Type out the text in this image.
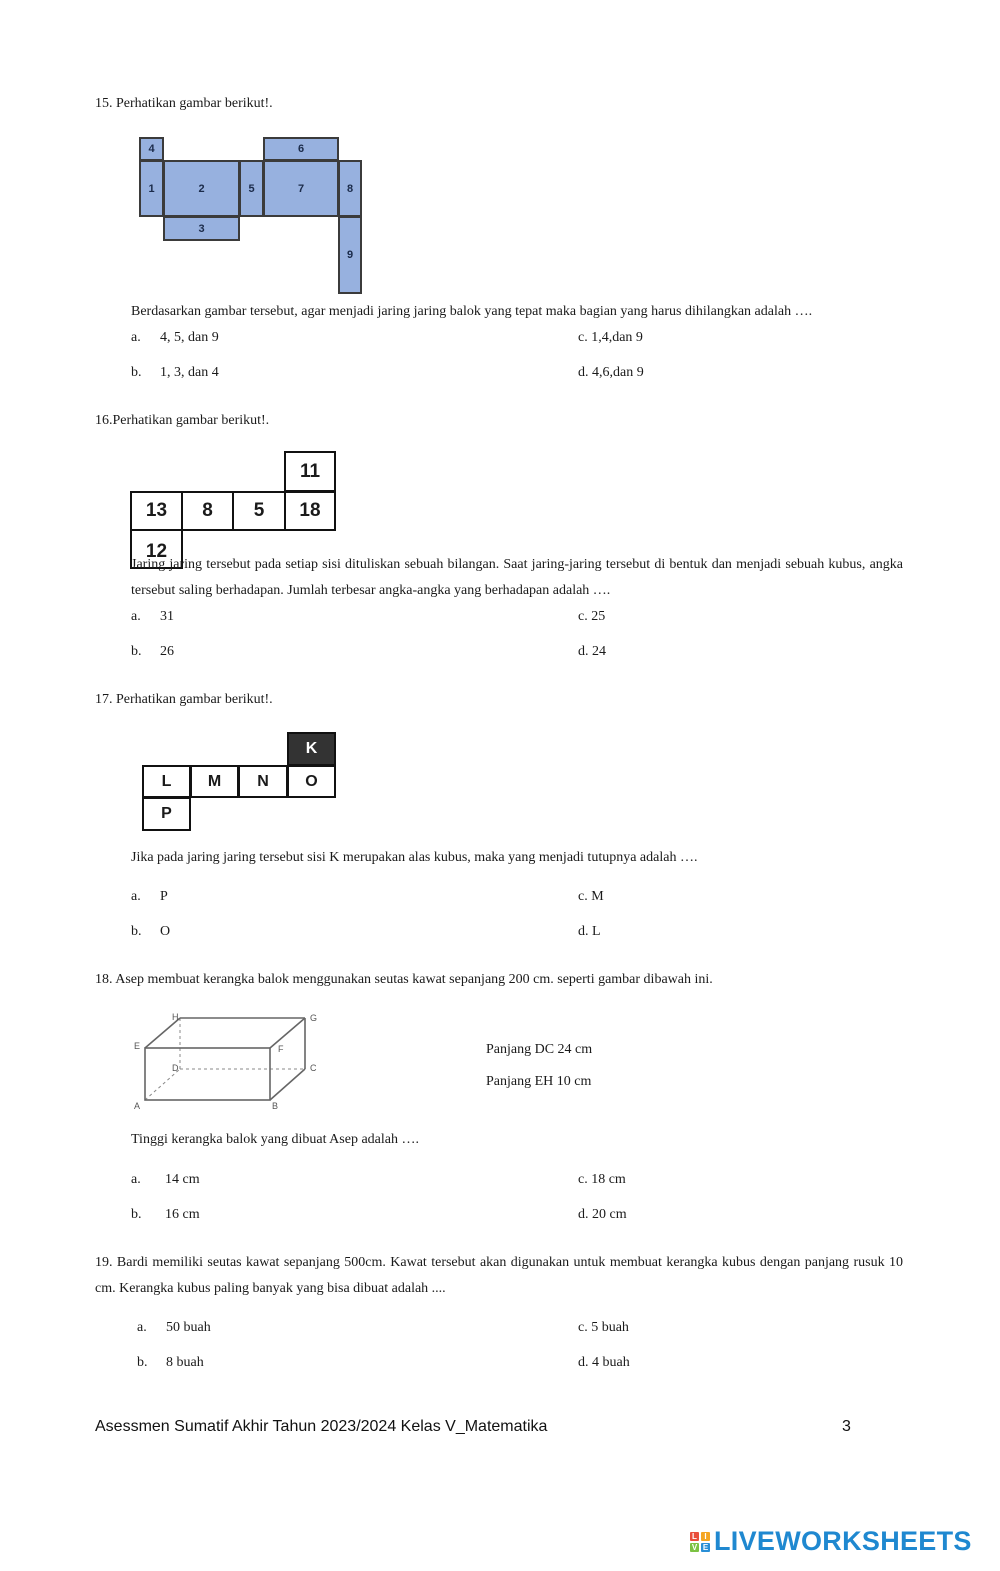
15. Perhatikan gambar berikut!.
4	6
1	2	5	7	8
3
9
Berdasarkan gambar tersebut, agar menjadi jaring jaring balok yang tepat maka bagian yang harus dihilangkan adalah ….
a. 4, 5, dan 9
b. 1, 3, dan 4
c. 1,4,dan 9
d. 4,6,dan 9
16.Perhatikan gambar berikut!.
11
13	8	5	18
12
Jaring jaring tersebut pada setiap sisi dituliskan sebuah bilangan. Saat jaring-jaring tersebut di bentuk dan menjadi sebuah kubus, angka tersebut saling berhadapan. Jumlah terbesar angka-angka yang berhadapan adalah ….
a. 31
b. 26
c. 25
d. 24
17. Perhatikan gambar berikut!.
K
L	M	N	O
P
Jika pada jaring jaring tersebut sisi K merupakan alas kubus, maka yang menjadi tutupnya adalah ….
a. P
b. O
c. M
d. L
18. Asep membuat kerangka balok menggunakan seutas kawat sepanjang 200 cm. seperti gambar dibawah ini.
H	G
E	F
D	C
A	B
Panjang DC 24 cm
Panjang EH 10 cm
Tinggi kerangka balok yang dibuat Asep adalah ….
a. 14 cm
b. 16 cm
c. 18 cm
d. 20 cm
19. Bardi memiliki seutas kawat sepanjang 500cm. Kawat tersebut akan digunakan untuk membuat kerangka kubus dengan panjang rusuk 10 cm. Kerangka kubus paling banyak yang bisa dibuat adalah ....
a. 50 buah
b. 8 buah
c. 5 buah
d. 4 buah
Asessmen Sumatif Akhir Tahun 2023/2024 Kelas V_Matematika	3
L I
V E LIVEWORKSHEETS
